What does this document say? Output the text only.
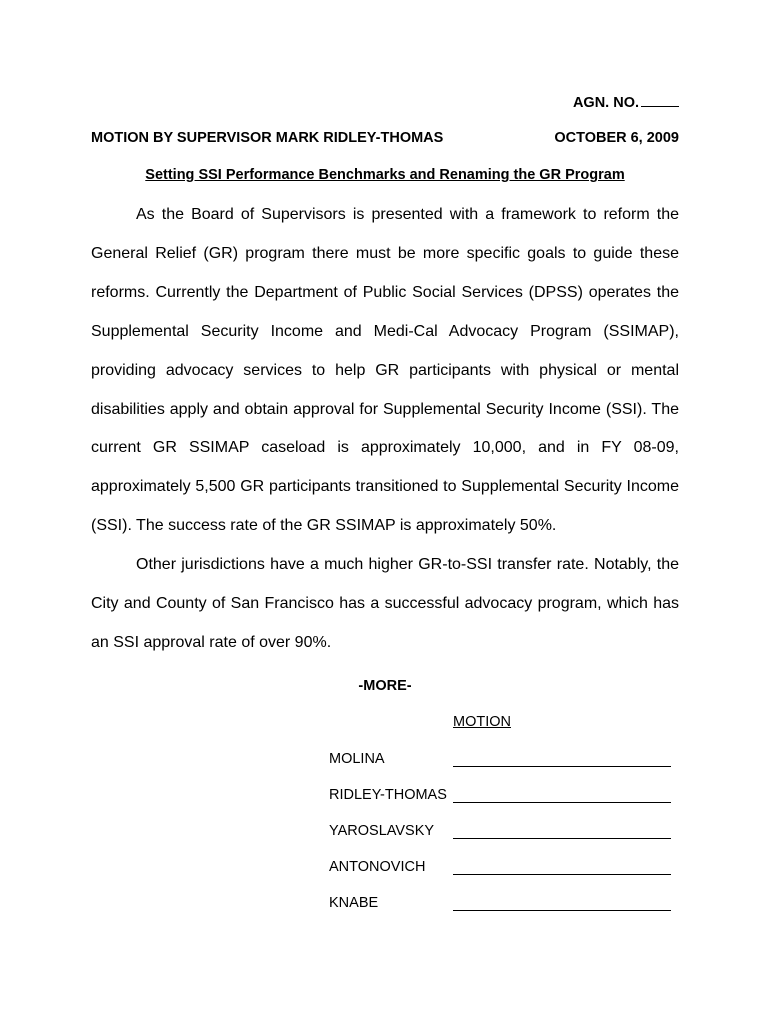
AGN. NO.
MOTION BY SUPERVISOR MARK RIDLEY-THOMAS	OCTOBER 6, 2009
Setting SSI Performance Benchmarks and Renaming the GR Program

As the Board of Supervisors is presented with a framework to reform the General Relief (GR) program there must be more specific goals to guide these reforms. Currently the Department of Public Social Services (DPSS) operates the Supplemental Security Income and Medi-Cal Advocacy Program (SSIMAP), providing advocacy services to help GR participants with physical or mental disabilities apply and obtain approval for Supplemental Security Income (SSI). The current GR SSIMAP caseload is approximately 10,000, and in FY 08-09, approximately 5,500 GR participants transitioned to Supplemental Security Income (SSI). The success rate of the GR SSIMAP is approximately 50%.

Other jurisdictions have a much higher GR-to-SSI transfer rate. Notably, the City and County of San Francisco has a successful advocacy program, which has an SSI approval rate of over 90%.

-MORE-
MOTION
MOLINA
RIDLEY-THOMAS
YAROSLAVSKY
ANTONOVICH
KNABE
